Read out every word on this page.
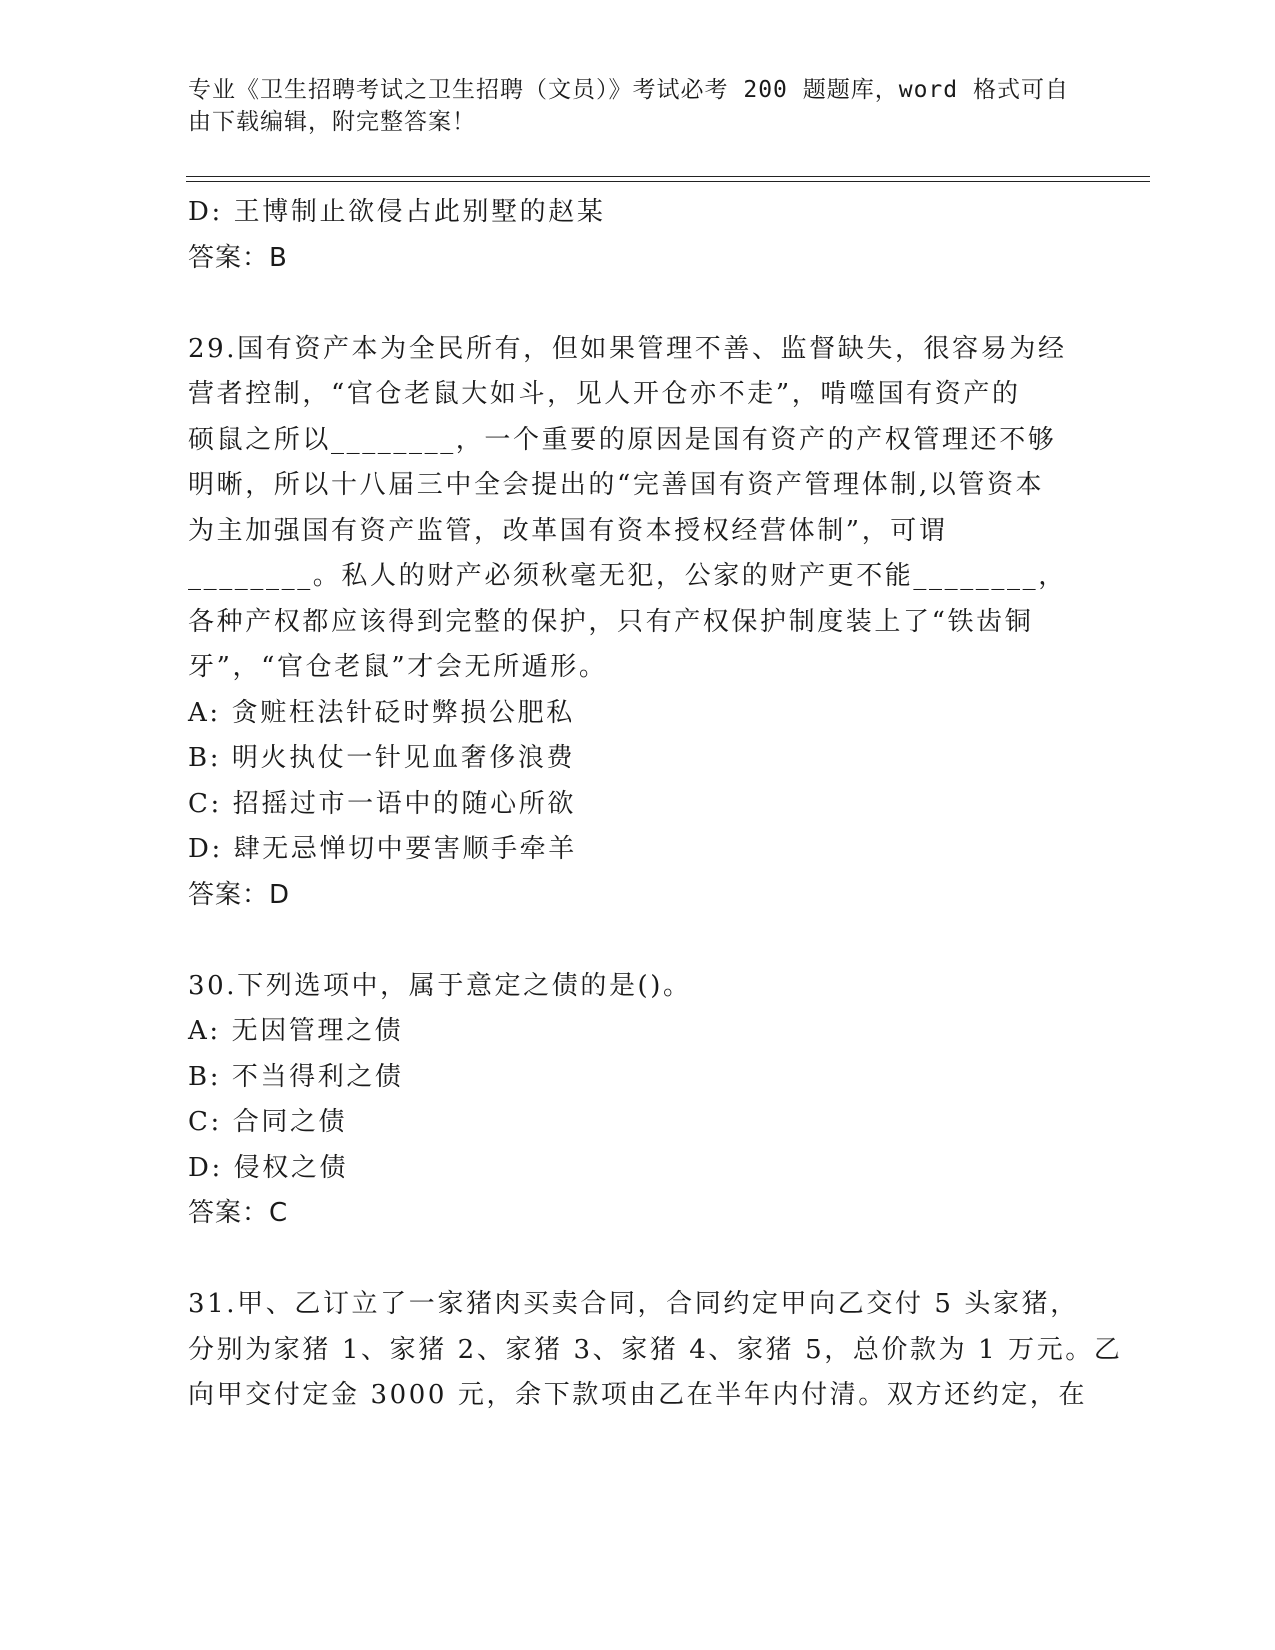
专业《卫生招聘考试之卫生招聘（文员）》考试必考 200 题题库，word 格式可自
由下载编辑，附完整答案！

D: 王博制止欲侵占此别墅的赵某

答案：B

29.国有资产本为全民所有，但如果管理不善、监督缺失，很容易为经

营者控制，“官仓老鼠大如斗，见人开仓亦不走”，啃噬国有资产的

硕鼠之所以________，一个重要的原因是国有资产的产权管理还不够

明晰，所以十八届三中全会提出的“完善国有资产管理体制,以管资本

为主加强国有资产监管，改革国有资本授权经营体制”，可谓

________。私人的财产必须秋毫无犯，公家的财产更不能________，

各种产权都应该得到完整的保护，只有产权保护制度装上了“铁齿铜

牙”，“官仓老鼠”才会无所遁形。

A: 贪赃枉法针砭时弊损公肥私

B: 明火执仗一针见血奢侈浪费

C: 招摇过市一语中的随心所欲

D: 肆无忌惮切中要害顺手牵羊

答案：D

30.下列选项中，属于意定之债的是()。

A: 无因管理之债

B: 不当得利之债

C: 合同之债

D: 侵权之债

答案：C

31.甲、乙订立了一家猪肉买卖合同，合同约定甲向乙交付 5 头家猪，

分别为家猪 1、家猪 2、家猪 3、家猪 4、家猪 5，总价款为 1 万元。乙

向甲交付定金 3000 元，余下款项由乙在半年内付清。双方还约定，在
